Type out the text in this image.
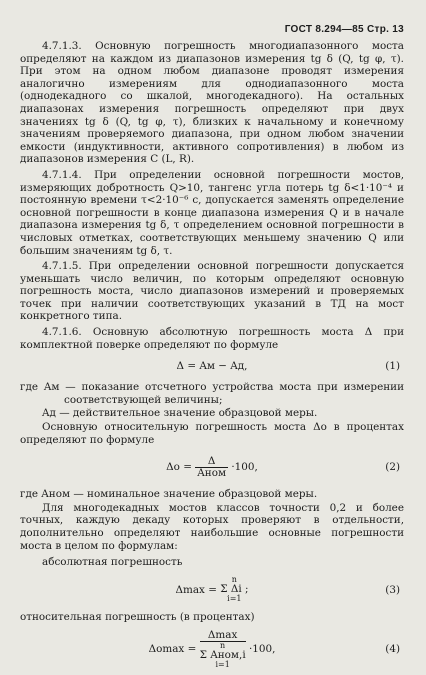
ГОСТ 8.294—85 Стр. 13

4.7.1.3. Основную погрешность многодиапазонного моста определяют на каждом из диапазонов измерения tg δ (Q, tg φ, τ). При этом на одном любом диапазоне проводят измерения аналогично измерениям для однодиапазонного моста (однодекадного со шкалой, многодекадного). На остальных диапазонах измерения погрешность определяют при двух значениях tg δ (Q, tg φ, τ), близких к начальному и конечному значениям проверяемого диапазона, при одном любом значении емкости (индуктивности, активного сопротивления) в любом из диапазонов измерения C (L, R).

4.7.1.4. При определении основной погрешности мостов, измеряющих добротность Q>10, тангенс угла потерь tg δ<1·10⁻⁴ и постоянную времени τ<2·10⁻⁶ с, допускается заменять определение основной погрешности в конце диапазона измерения Q и в начале диапазона измерения tg δ, τ определением основной погрешности в числовых отметках, соответствующих меньшему значению Q или большим значениям tg δ, τ.

4.7.1.5. При определении основной погрешности допускается уменьшать число величин, по которым определяют основную погрешность моста, число диапазонов измерений и проверяемых точек при наличии соответствующих указаний в ТД на мост конкретного типа.

4.7.1.6. Основную абсолютную погрешность моста Δ при комплектной поверке определяют по формуле

Δ = Aм − Aд,	(1)

где Aм — показание отсчетного устройства моста при измерении соответствующей величины;

Aд — действительное значение образцовой меры.

Основную относительную погрешность моста Δo в процентах определяют по формуле

$\Delta o = \frac{\Delta}{\text{Aном}} \cdot 100$,	(2)

где Aном — номинальное значение образцовой меры.

Для многодекадных мостов классов точности 0,2 и более точных, каждую декаду которых проверяют в отдельности, дополнительно определяют наибольшие основные погрешности моста в целом по формулам:

абсолютная погрешность

Δmax =
n
Σ Δi ;
i=1
(3)

относительная погрешность (в процентах)

Δomax =
Δmax
n
Σ Aном,i
i=1
·100,	(4)
